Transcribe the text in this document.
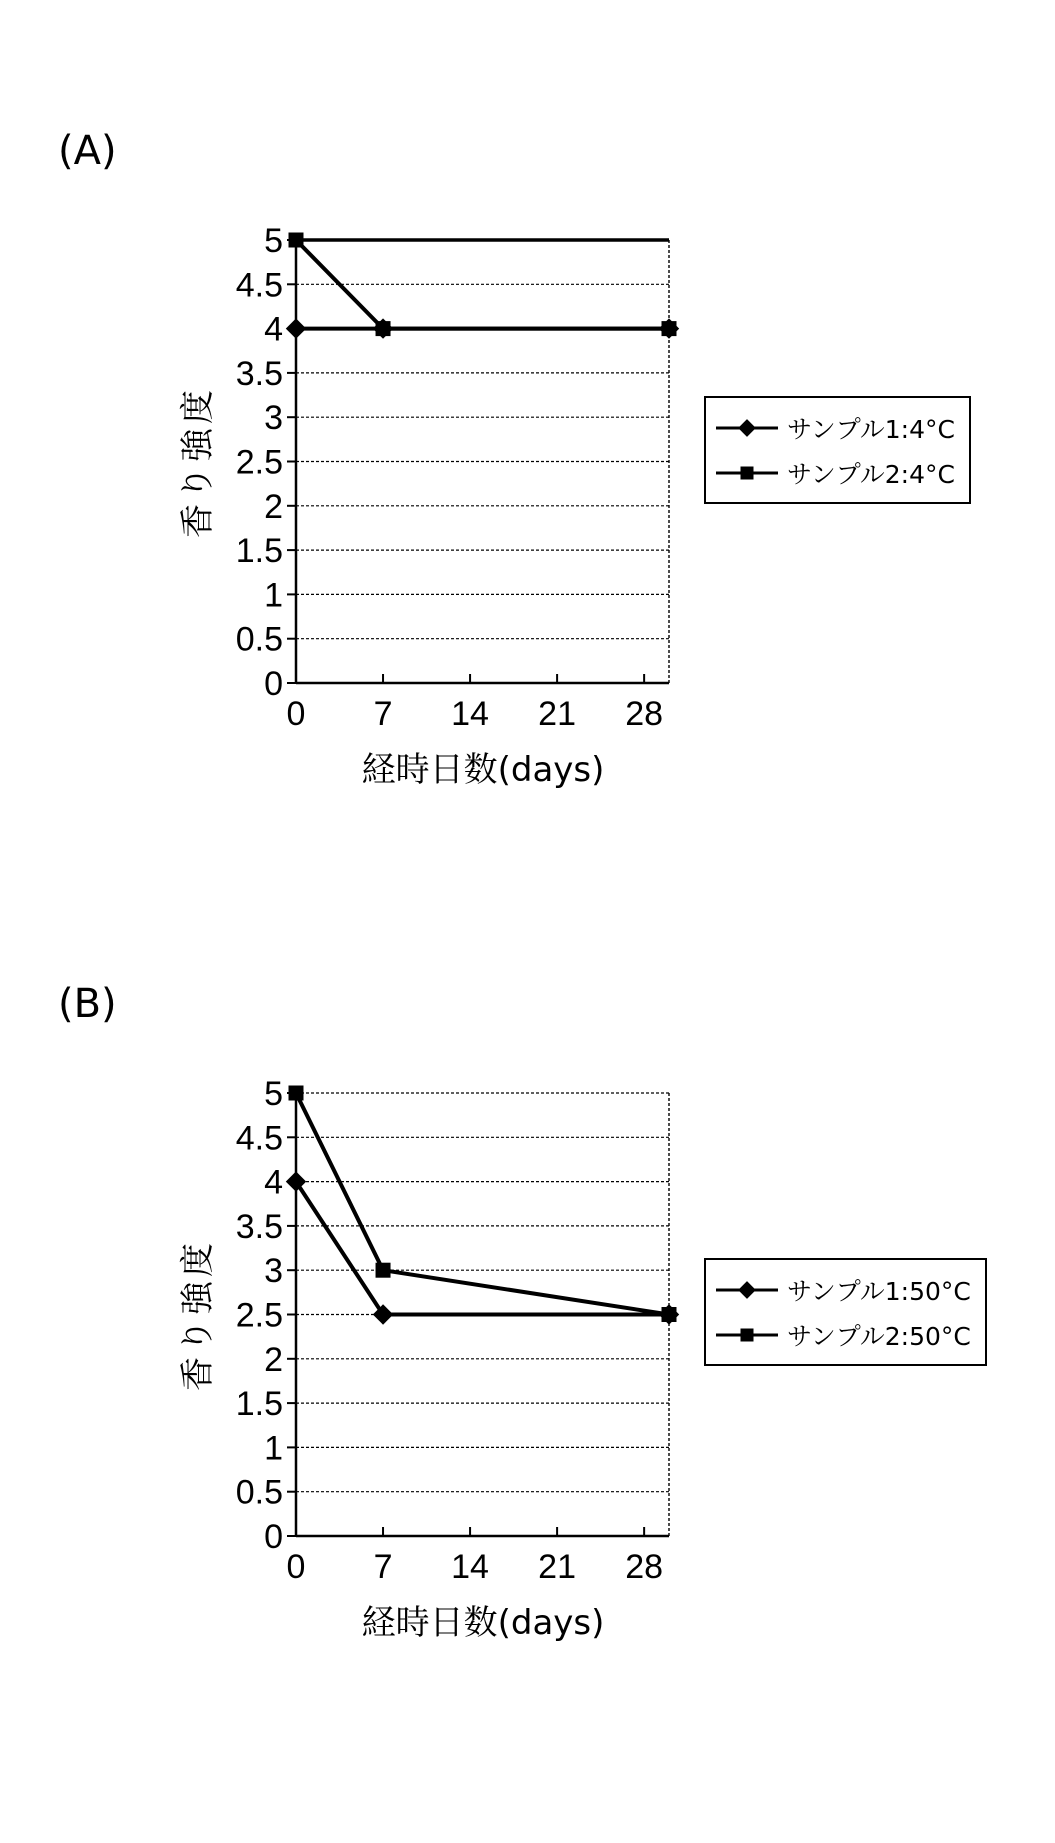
(A)
0
0.5
1
1.5
2
2.5
3
3.5
4
4.5
5
0 7 14 21 28
香り強度
経時日数(days)
サンプル1:4°C
サンプル2:4°C
(B)
0
0.5
1
1.5
2
2.5
3
3.5
4
4.5
5
0 7 14 21 28
香り強度
経時日数(days)
サンプル1:50°C
サンプル2:50°C
